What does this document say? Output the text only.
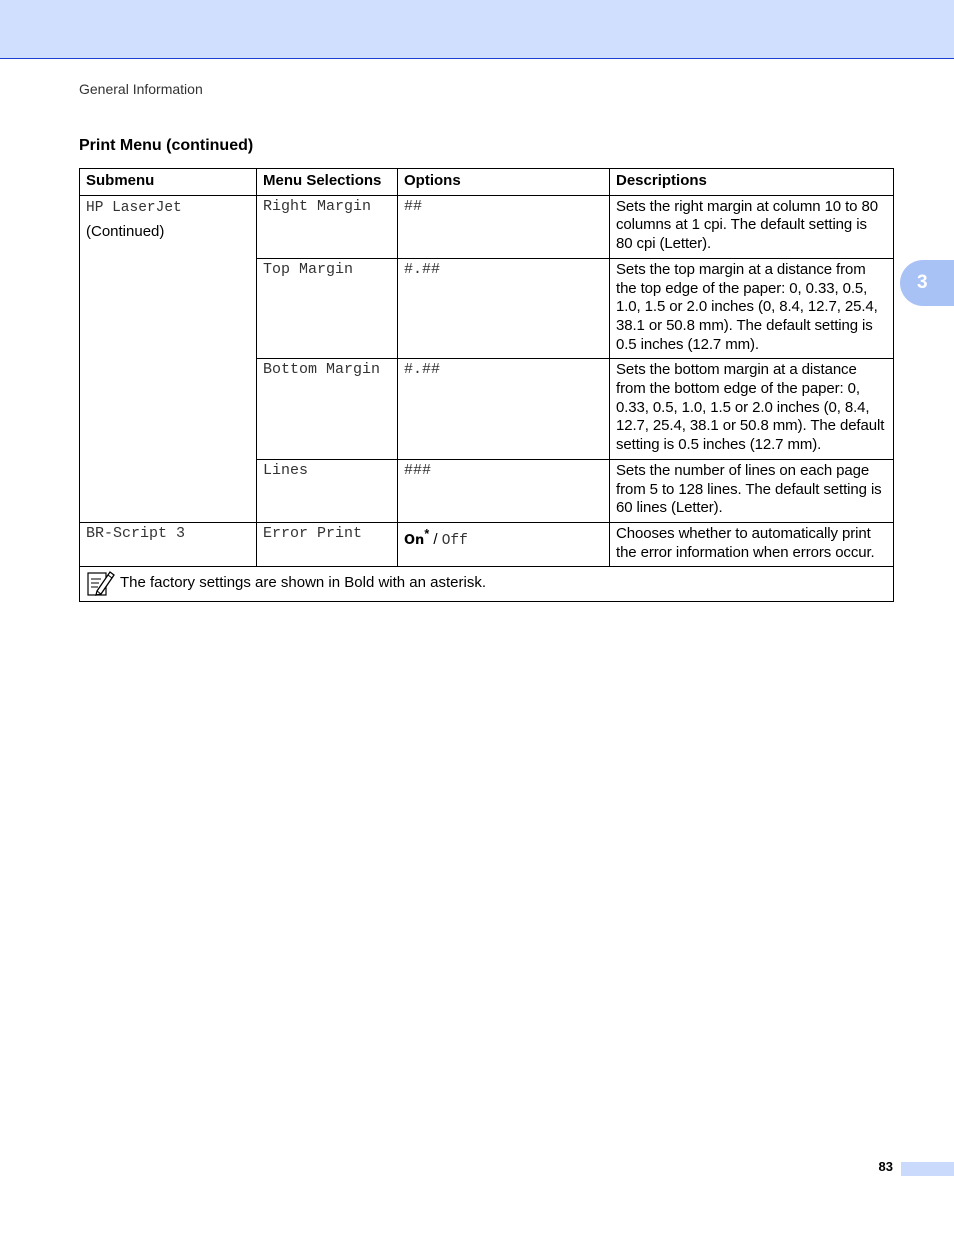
General Information
Print Menu (continued)
3
Submenu	Menu Selections	Options	Descriptions
HP LaserJet
(Continued)	Right Margin	##	Sets the right margin at column 10 to 80 columns at 1 cpi. The default setting is 80 cpi (Letter).
	Top Margin	#.##	Sets the top margin at a distance from the top edge of the paper: 0, 0.33, 0.5, 1.0, 1.5 or 2.0 inches (0, 8.4, 12.7, 25.4, 38.1 or 50.8 mm). The default setting is 0.5 inches (12.7 mm).
	Bottom Margin	#.##	Sets the bottom margin at a distance from the bottom edge of the paper: 0, 0.33, 0.5, 1.0, 1.5 or 2.0 inches (0, 8.4, 12.7, 25.4, 38.1 or 50.8 mm). The default setting is 0.5 inches (12.7 mm).
	Lines	###	Sets the number of lines on each page from 5 to 128 lines. The default setting is 60 lines (Letter).
BR-Script 3	Error Print	On* / Off	Chooses whether to automatically print the error information when errors occur.

The factory settings are shown in Bold with an asterisk.			
83
